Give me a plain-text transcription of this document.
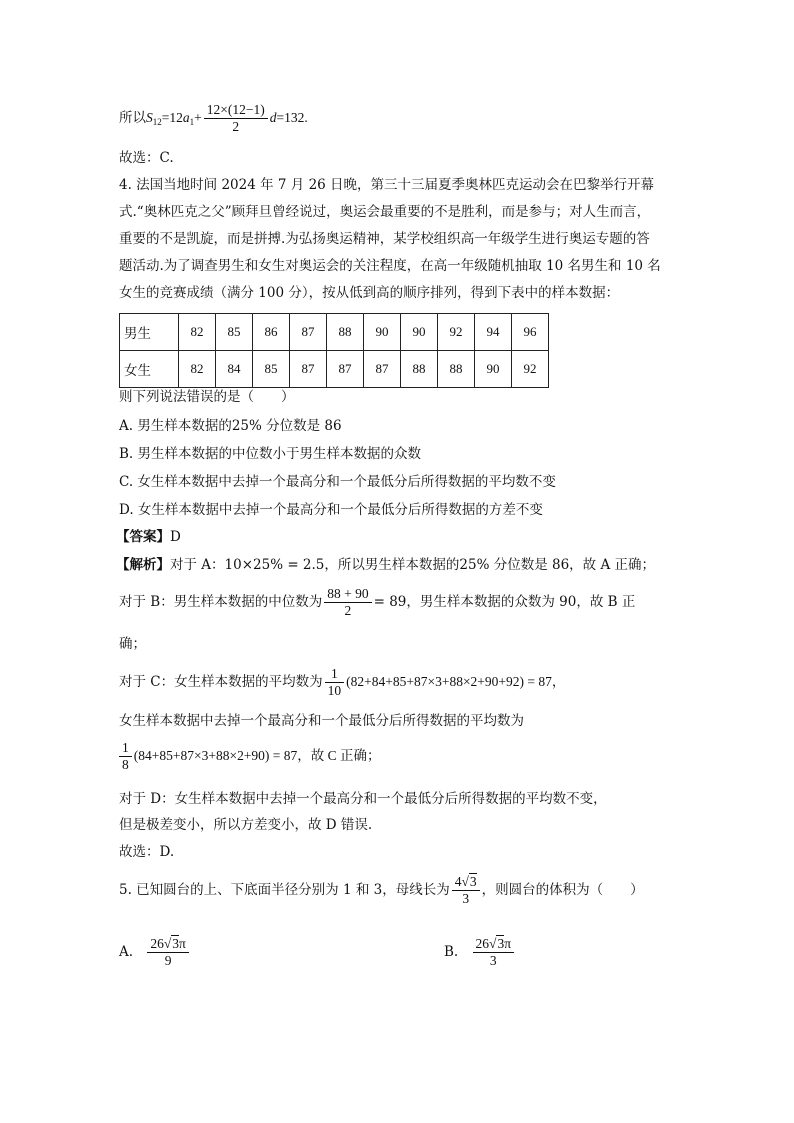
所以$S_{12}=12a_1+ \frac{12\times(12-1)}{2} d=132$.
故选：C.
4. 法国当地时间 2024 年 7 月 26 日晚，第三十三届夏季奥林匹克运动会在巴黎举行开幕
式.“奥林匹克之父”顾拜旦曾经说过，奥运会最重要的不是胜利，而是参与；对人生而言，
重要的不是凯旋，而是拼搏.为弘扬奥运精神，某学校组织高一年级学生进行奥运专题的答
题活动.为了调查男生和女生对奥运会的关注程度，在高一年级随机抽取 10 名男生和 10 名
女生的竞赛成绩（满分 100 分），按从低到高的顺序排列，得到下表中的样本数据：
男生	82	85	86	87	88	90	90	92	94	96
女生	82	84	85	87	87	87	88	88	90	92
则下列说法错误的是（　　）
A. 男生样本数据的25% 分位数是 86
B. 男生样本数据的中位数小于男生样本数据的众数
C. 女生样本数据中去掉一个最高分和一个最低分后所得数据的平均数不变
D. 女生样本数据中去掉一个最高分和一个最低分后所得数据的方差不变
【答案】D
【解析】对于 A：10×25% = 2.5，所以男生样本数据的25% 分位数是 86，故 A 正确；
对于 B：男生样本数据的中位数为 $\frac{88 + 90}{2} = 89$，男生样本数据的众数为 90，故 B 正
确；
对于 C：女生样本数据的平均数为 $\frac{1}{10} (82+84+85+87\times 3+88\times 2+90+92) = 87$，
女生样本数据中去掉一个最高分和一个最低分后所得数据的平均数为
$\frac{1}{8} (84+85+87\times 3+88\times 2+90) = 87$，故 C 正确；
对于 D：女生样本数据中去掉一个最高分和一个最低分后所得数据的平均数不变，
但是极差变小，所以方差变小，故 D 错误.
故选：D.
5. 已知圆台的上、下底面半径分别为 1 和 3，母线长为 $\frac{4√3}{3}$ ，则圆台的体积为（　　）
A. $\frac{26√3\pi}{9}$	B. $\frac{26√3\pi}{3}$
